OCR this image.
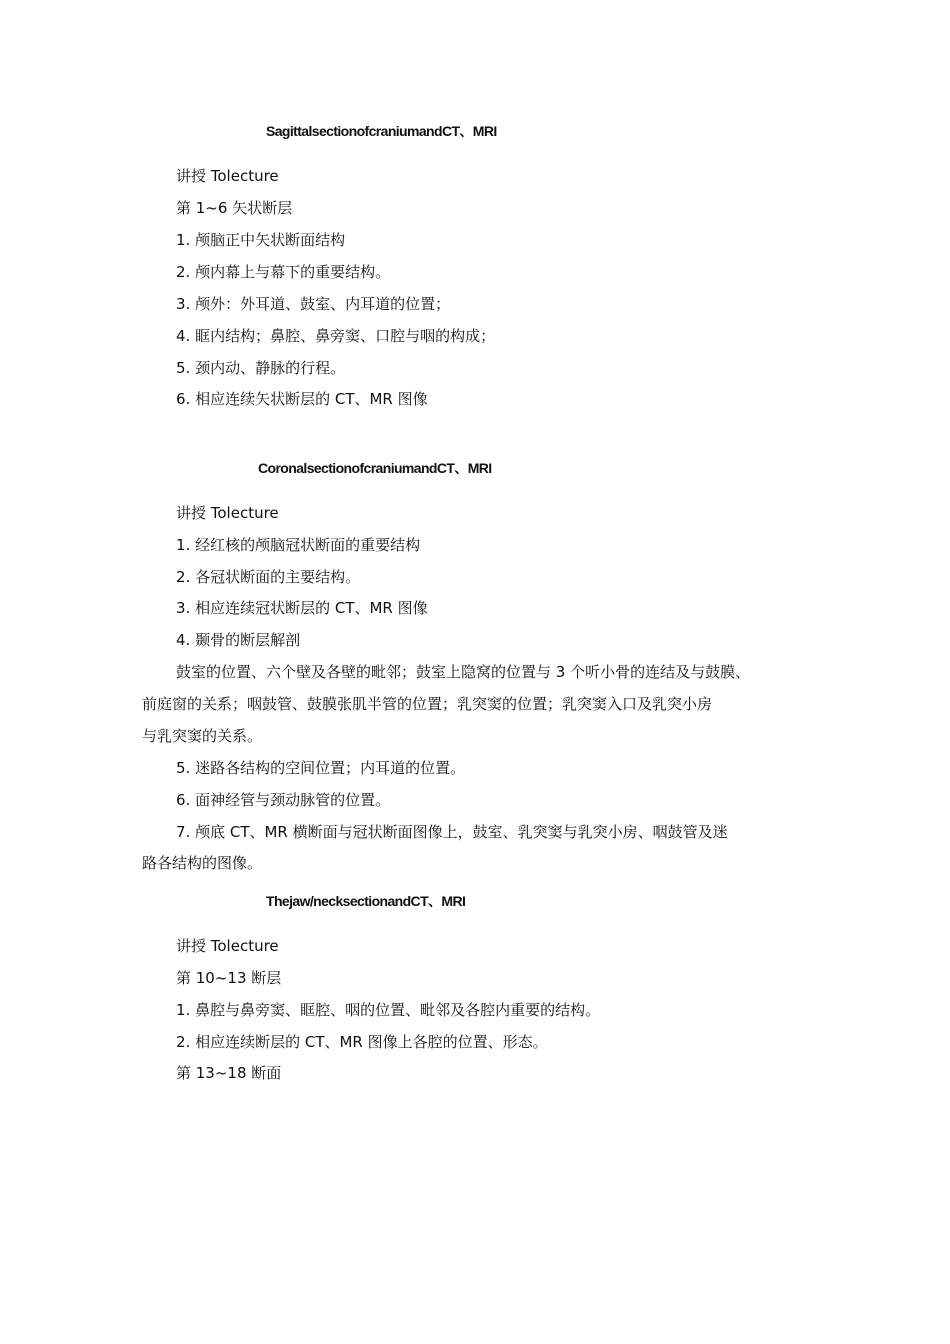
SagittalsectionofcraniumandCT、MRI
讲授 Tolecture
第 1~6 矢状断层
1. 颅脑正中矢状断面结构
2. 颅内幕上与幕下的重要结构。
3. 颅外：外耳道、鼓室、内耳道的位置；
4. 眶内结构；鼻腔、鼻旁窦、口腔与咽的构成；
5. 颈内动、静脉的行程。
6. 相应连续矢状断层的 CT、MR 图像
CoronalsectionofcraniumandCT、MRI
讲授 Tolecture
1. 经红核的颅脑冠状断面的重要结构
2. 各冠状断面的主要结构。
3. 相应连续冠状断层的 CT、MR 图像
4. 颞骨的断层解剖
鼓室的位置、六个壁及各壁的毗邻；鼓室上隐窝的位置与 3 个听小骨的连结及与鼓膜、
前庭窗的关系；咽鼓管、鼓膜张肌半管的位置；乳突窦的位置；乳突窦入口及乳突小房
与乳突窦的关系。
5. 迷路各结构的空间位置；内耳道的位置。
6. 面神经管与颈动脉管的位置。
7. 颅底 CT、MR 横断面与冠状断面图像上，鼓室、乳突窦与乳突小房、咽鼓管及迷
路各结构的图像。
Thejaw/necksectionandCT、MRI
讲授 Tolecture
第 10~13 断层
1. 鼻腔与鼻旁窦、眶腔、咽的位置、毗邻及各腔内重要的结构。
2. 相应连续断层的 CT、MR 图像上各腔的位置、形态。
第 13~18 断面
